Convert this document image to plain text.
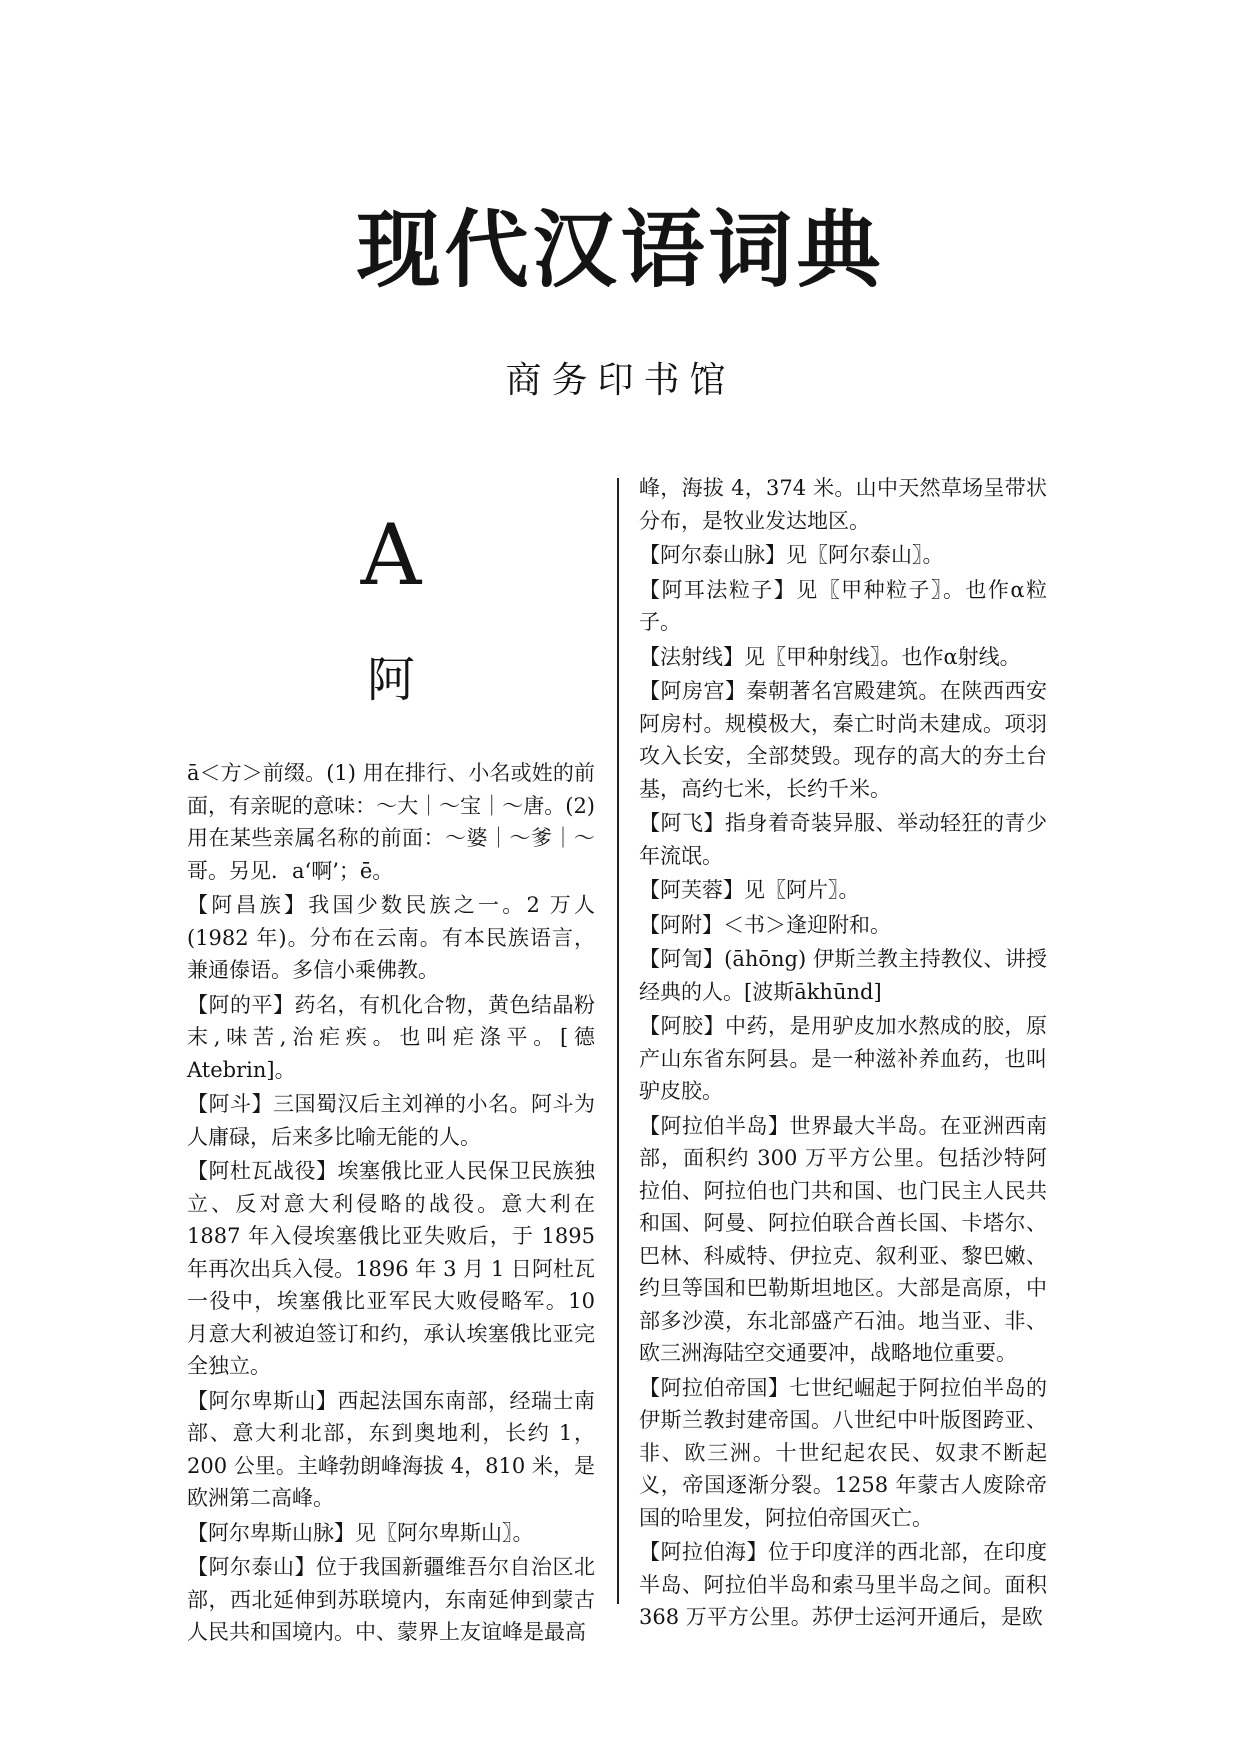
现代汉语词典
商务印书馆
A
阿

ā＜方＞前缀。(1) 用在排行、小名或姓的前面，有亲昵的意味：～大｜～宝｜～唐。(2) 用在某些亲属名称的前面：～婆｜～爹｜～哥。另见．a‘啊’；ē。

【阿昌族】我国少数民族之一。2 万人 (1982 年)。分布在云南。有本民族语言，兼通傣语。多信小乘佛教。

【阿的平】药名，有机化合物，黄色结晶粉末,味苦,治疟疾。也叫疟涤平。[德 Atebrin]。

【阿斗】三国蜀汉后主刘禅的小名。阿斗为人庸碌，后来多比喻无能的人。

【阿杜瓦战役】埃塞俄比亚人民保卫民族独立、反对意大利侵略的战役。意大利在 1887 年入侵埃塞俄比亚失败后，于 1895 年再次出兵入侵。1896 年 3 月 1 日阿杜瓦一役中，埃塞俄比亚军民大败侵略军。10 月意大利被迫签订和约，承认埃塞俄比亚完全独立。

【阿尔卑斯山】西起法国东南部，经瑞士南部、意大利北部，东到奥地利，长约 1，200 公里。主峰勃朗峰海拔 4，810 米，是欧洲第二高峰。

【阿尔卑斯山脉】见〖阿尔卑斯山〗。

【阿尔泰山】位于我国新疆维吾尔自治区北部，西北延伸到苏联境内，东南延伸到蒙古人民共和国境内。中、蒙界上友谊峰是最高

峰，海拔 4，374 米。山中天然草场呈带状分布，是牧业发达地区。

【阿尔泰山脉】见〖阿尔泰山〗。

【阿耳法粒子】见〖甲种粒子〗。也作α粒子。

【法射线】见〖甲种射线〗。也作α射线。

【阿房宫】秦朝著名宫殿建筑。在陕西西安阿房村。规模极大，秦亡时尚未建成。项羽攻入长安，全部焚毁。现存的高大的夯土台基，高约七米，长约千米。

【阿飞】指身着奇装异服、举动轻狂的青少年流氓。

【阿芙蓉】见〖阿片〗。

【阿附】＜书＞逢迎附和。

【阿訇】(āhōng) 伊斯兰教主持教仪、讲授经典的人。[波斯ākhūnd]

【阿胶】中药，是用驴皮加水熬成的胶，原产山东省东阿县。是一种滋补养血药，也叫驴皮胶。

【阿拉伯半岛】世界最大半岛。在亚洲西南部，面积约 300 万平方公里。包括沙特阿拉伯、阿拉伯也门共和国、也门民主人民共和国、阿曼、阿拉伯联合酋长国、卡塔尔、巴林、科威特、伊拉克、叙利亚、黎巴嫩、约旦等国和巴勒斯坦地区。大部是高原，中部多沙漠，东北部盛产石油。地当亚、非、欧三洲海陆空交通要冲，战略地位重要。

【阿拉伯帝国】七世纪崛起于阿拉伯半岛的伊斯兰教封建帝国。八世纪中叶版图跨亚、非、欧三洲。十世纪起农民、奴隶不断起义，帝国逐渐分裂。1258 年蒙古人废除帝国的哈里发，阿拉伯帝国灭亡。

【阿拉伯海】位于印度洋的西北部，在印度半岛、阿拉伯半岛和索马里半岛之间。面积 368 万平方公里。苏伊士运河开通后，是欧
